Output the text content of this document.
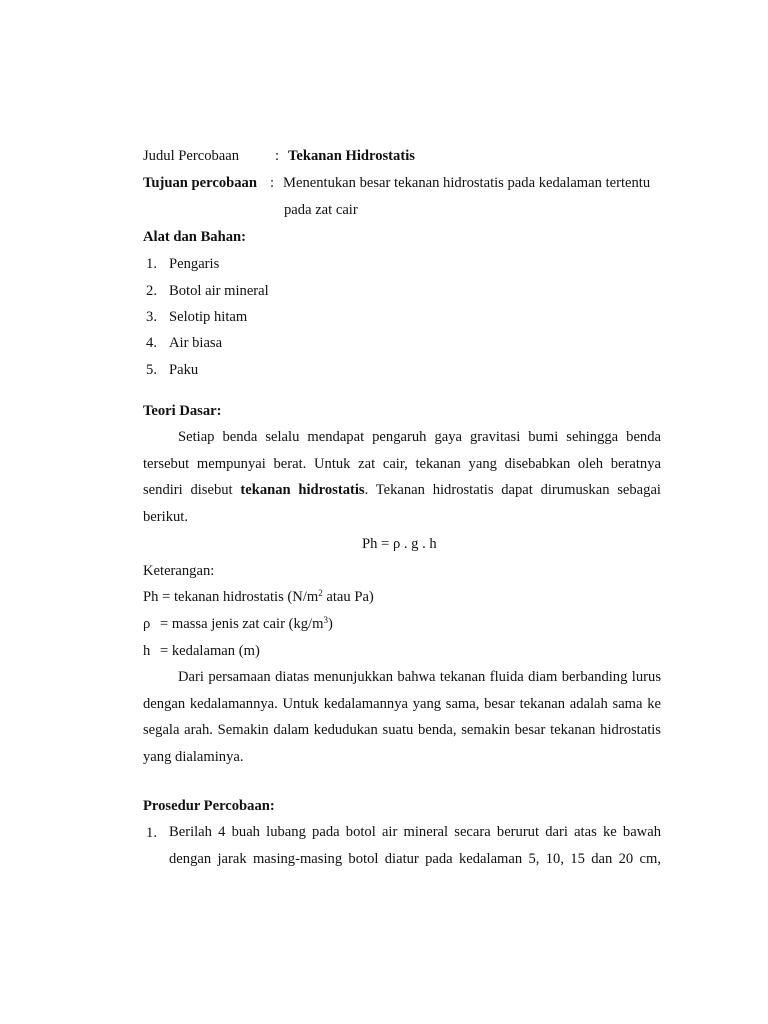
Judul Percobaan : Tekanan Hidrostatis
Tujuan percobaan : Menentukan besar tekanan hidrostatis pada kedalaman tertentu
pada zat cair
Alat dan Bahan:
1. Pengaris
2. Botol air mineral
3. Selotip hitam
4. Air biasa
5. Paku
Teori Dasar:

Setiap benda selalu mendapat pengaruh gaya gravitasi bumi sehingga benda tersebut mempunyai berat. Untuk zat cair, tekanan yang disebabkan oleh beratnya sendiri disebut tekanan hidrostatis. Tekanan hidrostatis dapat dirumuskan sebagai berikut.

Ph = ρ . g . h
Keterangan:
Ph = tekanan hidrostatis ($N/m^2$ atau Pa)
ρ = massa jenis zat cair $(kg/m^3)$
h = kedalaman (m)

Dari persamaan diatas menunjukkan bahwa tekanan fluida diam berbanding lurus dengan kedalamannya. Untuk kedalamannya yang sama, besar tekanan adalah sama ke segala arah. Semakin dalam kedudukan suatu benda, semakin besar tekanan hidrostatis yang dialaminya.

Prosedur Percobaan:
1. Berilah 4 buah lubang pada botol air mineral secara berurut dari atas ke bawah
dengan jarak masing-masing botol diatur pada kedalaman 5, 10, 15 dan 20 cm,
